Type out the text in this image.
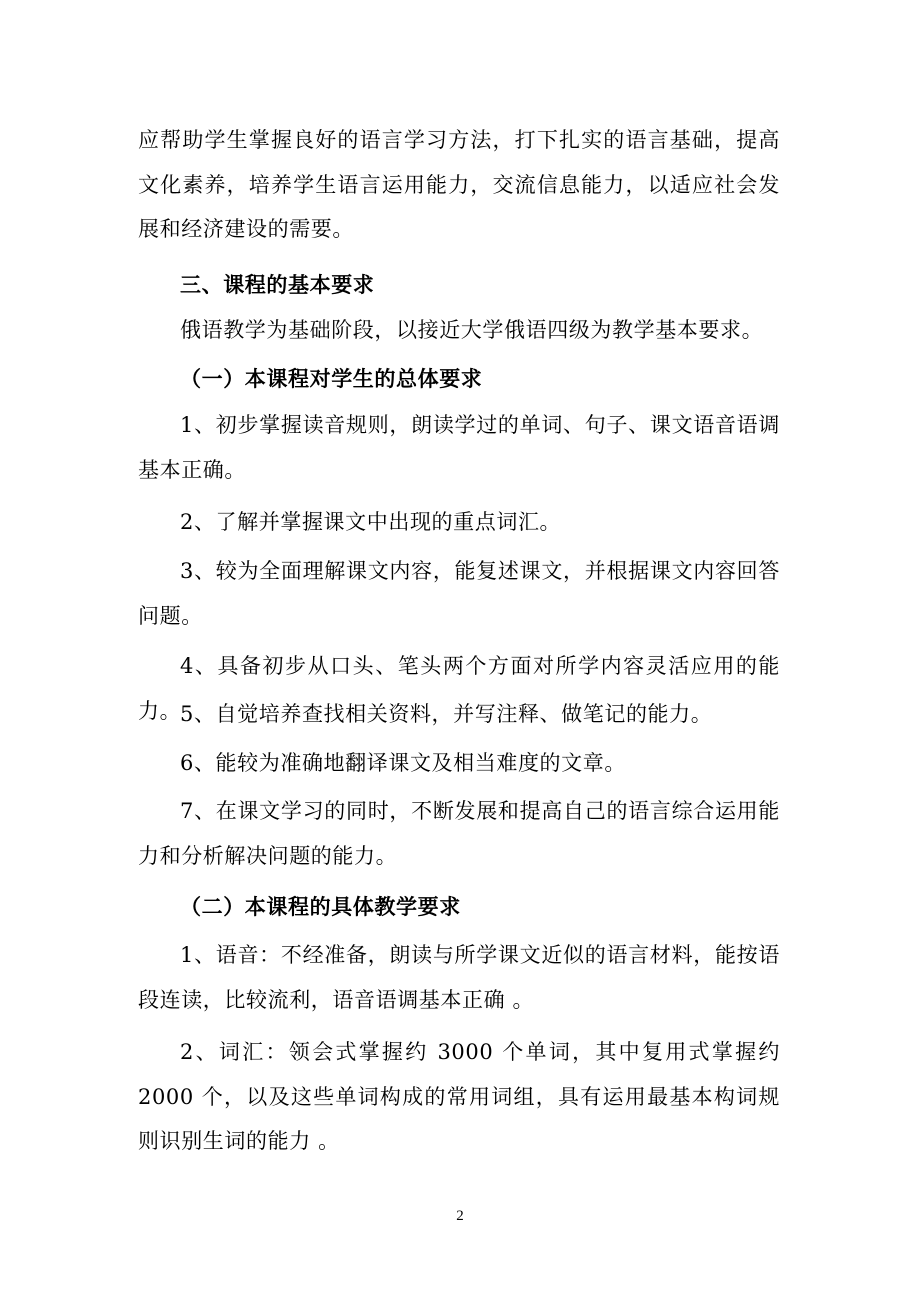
应帮助学生掌握良好的语言学习方法，打下扎实的语言基础，提高文化素养，培养学生语言运用能力，交流信息能力，以适应社会发展和经济建设的需要。

三、课程的基本要求

俄语教学为基础阶段，以接近大学俄语四级为教学基本要求。

（一）本课程对学生的总体要求

1、初步掌握读音规则，朗读学过的单词、句子、课文语音语调基本正确。

2、了解并掌握课文中出现的重点词汇。

3、较为全面理解课文内容，能复述课文，并根据课文内容回答问题。

4、具备初步从口头、笔头两个方面对所学内容灵活应用的能力。

5、自觉培养查找相关资料，并写注释、做笔记的能力。

6、能较为准确地翻译课文及相当难度的文章。

7、在课文学习的同时，不断发展和提高自己的语言综合运用能力和分析解决问题的能力。

（二）本课程的具体教学要求

1、语音：不经准备，朗读与所学课文近似的语言材料，能按语段连读，比较流利，语音语调基本正确 。

2、词汇：领会式掌握约 3000 个单词，其中复用式掌握约 2000 个，以及这些单词构成的常用词组，具有运用最基本构词规则识别生词的能力 。

2
